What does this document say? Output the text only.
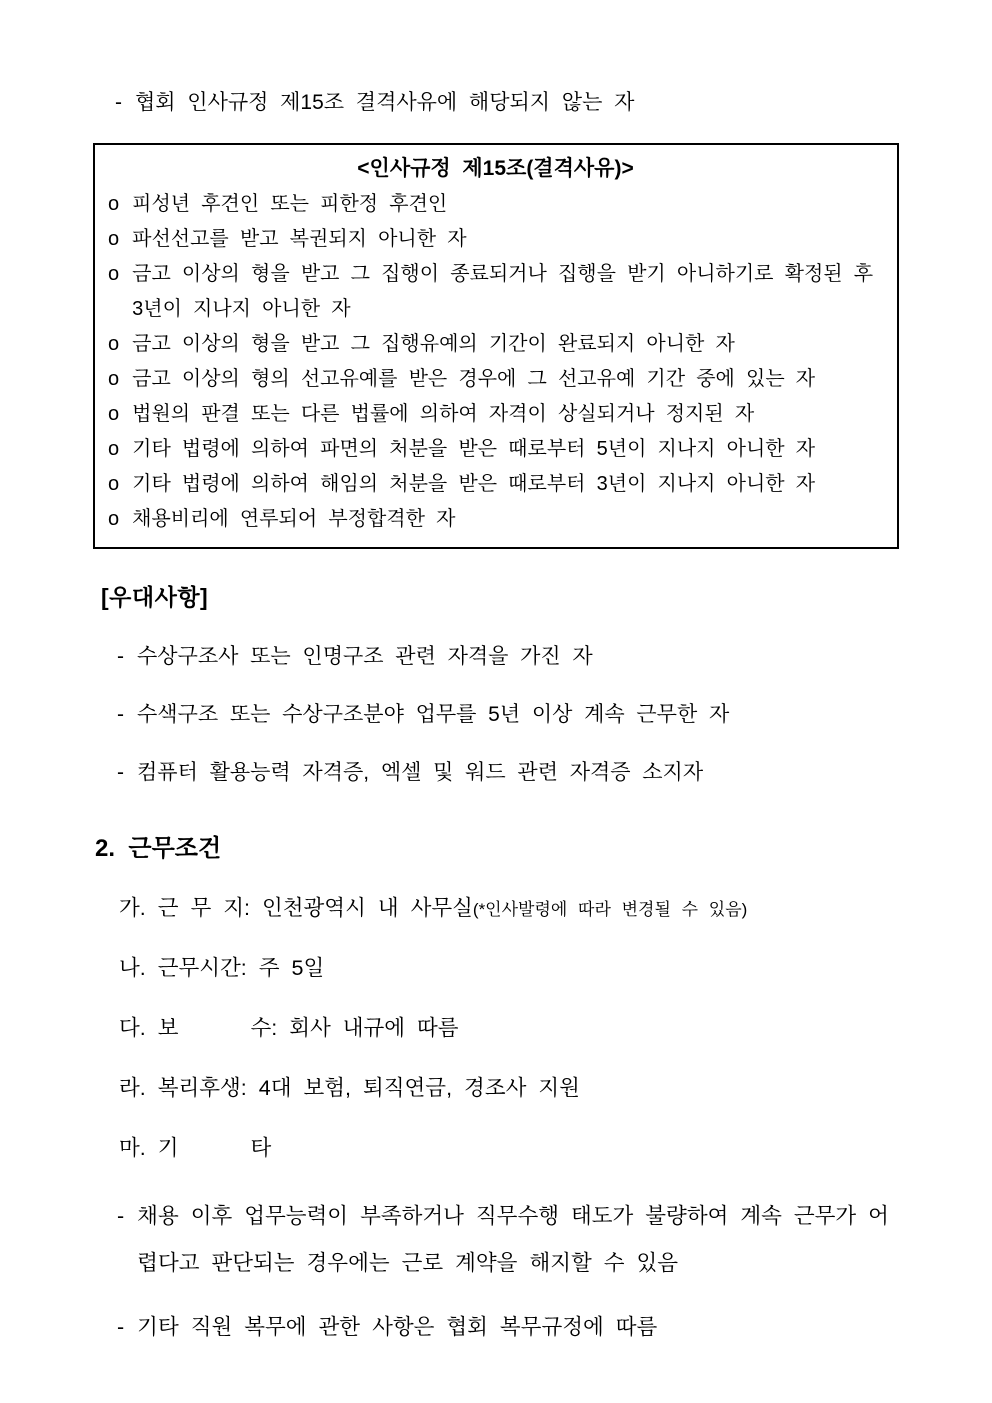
- 협회 인사규정 제15조 결격사유에 해당되지 않는 자
<인사규정 제15조(결격사유)>
o 피성년 후견인 또는 피한정 후견인
o 파선선고를 받고 복권되지 아니한 자
o 금고 이상의 형을 받고 그 집행이 종료되거나 집행을 받기 아니하기로 확정된 후 3년이 지나지 아니한 자
o 금고 이상의 형을 받고 그 집행유예의 기간이 완료되지 아니한 자
o 금고 이상의 형의 선고유예를 받은 경우에 그 선고유예 기간 중에 있는 자
o 법원의 판결 또는 다른 법률에 의하여 자격이 상실되거나 정지된 자
o 기타 법령에 의하여 파면의 처분을 받은 때로부터 5년이 지나지 아니한 자
o 기타 법령에 의하여 해임의 처분을 받은 때로부터 3년이 지나지 아니한 자
o 채용비리에 연루되어 부정합격한 자
[우대사항]
- 수상구조사 또는 인명구조 관련 자격을 가진 자
- 수색구조 또는 수상구조분야 업무를 5년 이상 계속 근무한 자
- 컴퓨터 활용능력 자격증, 엑셀 및 워드 관련 자격증 소지자
2. 근무조건
가. 근 무 지: 인천광역시 내 사무실(*인사발령에 따라 변경될 수 있음)
나. 근무시간: 주 5일
다. 보      수: 회사 내규에 따름
라. 복리후생: 4대 보험, 퇴직연금, 경조사 지원
마. 기      타
- 채용 이후 업무능력이 부족하거나 직무수행 태도가 불량하여 계속 근무가 어렵다고 판단되는 경우에는 근로 계약을 해지할 수 있음
- 기타 직원 복무에 관한 사항은 협회 복무규정에 따름
